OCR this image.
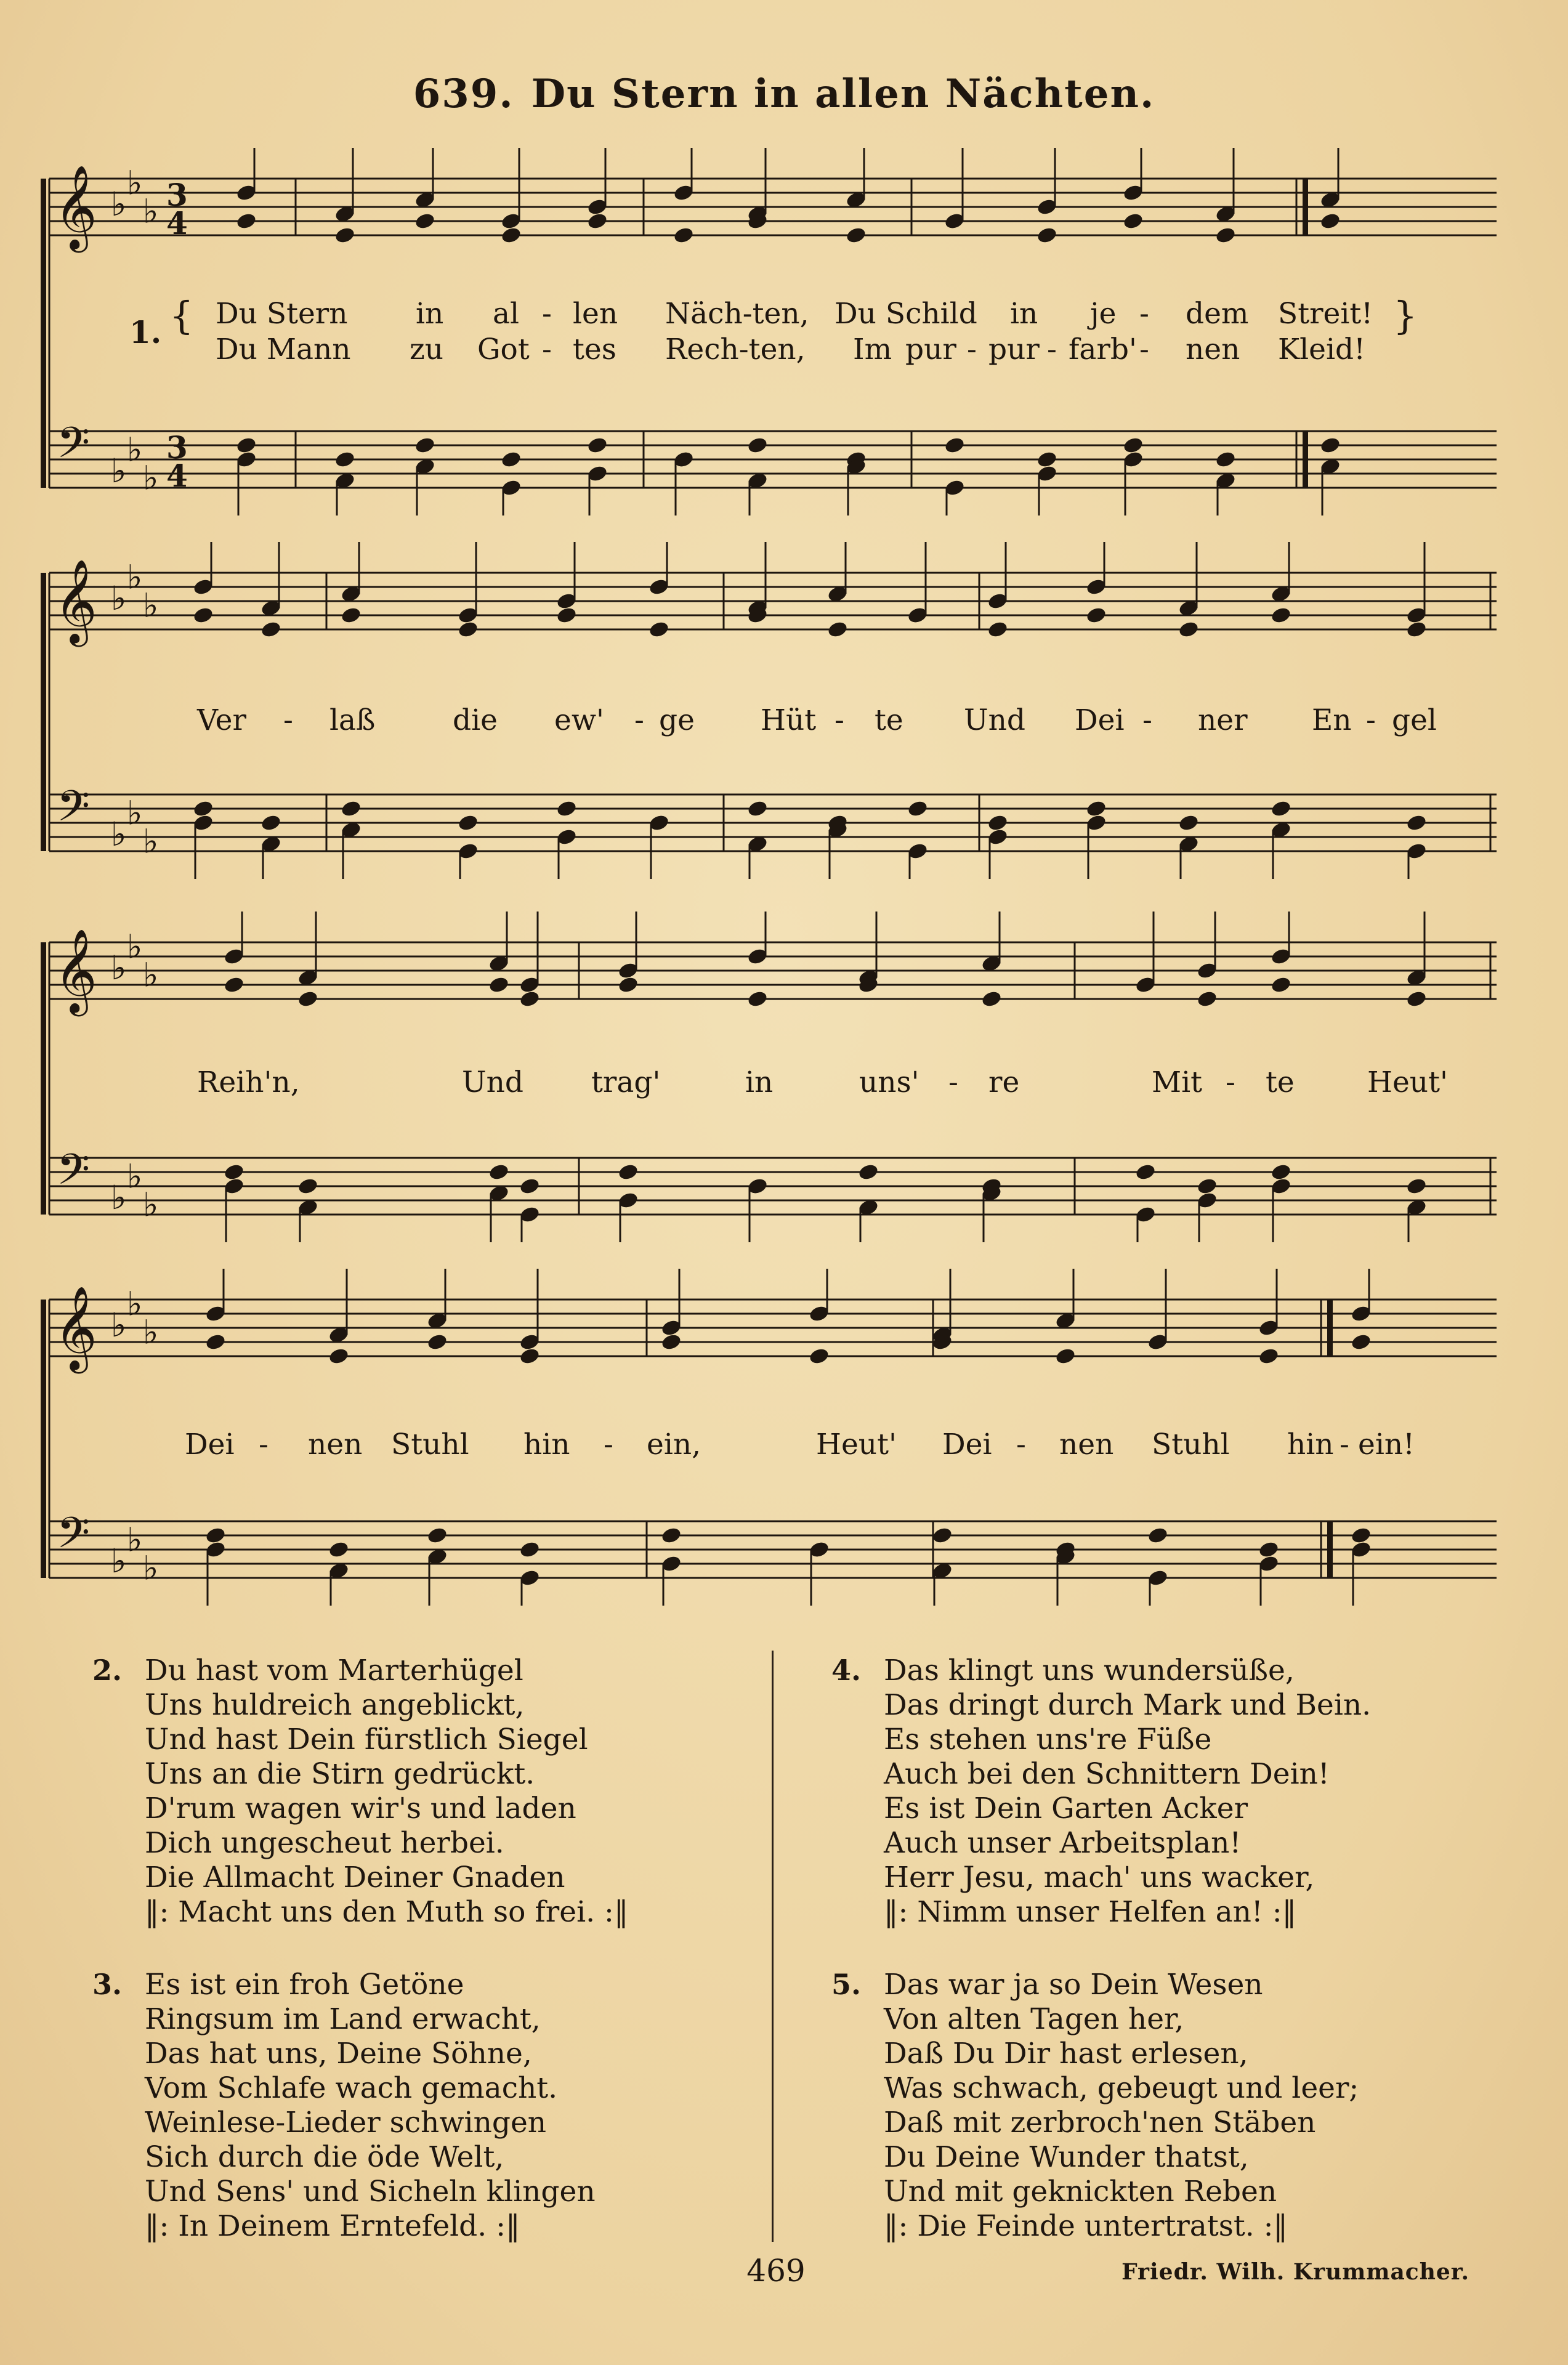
639. Du Stern in allen Nächten.
𝄞
𝄢
♭
♭
♭
♭
♭
♭
3
4
3
4
𝄞
𝄢
♭
♭
♭
♭
♭
♭
𝄞
𝄢
♭
♭
♭
♭
♭
♭
𝄞
𝄢
♭
♭
♭
♭
♭
♭
1. {	}
Du Stern in al - len Näch-ten, Du Schild in je - dem Streit!
Du Mann zu Got - tes Rech-ten, Im pur - pur - farb' - nen Kleid!
Ver - laß	die ew' - ge Hüt - te Und Dei - ner En - gel
Reih'n,	Und trag'	in	uns' - re	Mit - te	Heut'
Dei - nen Stuhl hin - ein,	Heut' Dei - nen Stuhl hin - ein!
2. Du hast vom Marterhügel
Uns huldreich angeblickt,
Und hast Dein fürstlich Siegel
Uns an die Stirn gedrückt.
D'rum wagen wir's und laden
Dich ungescheut herbei.
Die Allmacht Deiner Gnaden
‖: Macht uns den Muth so frei. :‖
3. Es ist ein froh Getöne
Ringsum im Land erwacht,
Das hat uns, Deine Söhne,
Vom Schlafe wach gemacht.
Weinlese-Lieder schwingen
Sich durch die öde Welt,
Und Sens' und Sicheln klingen
‖: In Deinem Erntefeld. :‖
4. Das klingt uns wundersüße,
Das dringt durch Mark und Bein.
Es stehen uns're Füße
Auch bei den Schnittern Dein!
Es ist Dein Garten Acker
Auch unser Arbeitsplan!
Herr Jesu, mach' uns wacker,
‖: Nimm unser Helfen an! :‖
5. Das war ja so Dein Wesen
Von alten Tagen her,
Daß Du Dir hast erlesen,
Was schwach, gebeugt und leer;
Daß mit zerbroch'nen Stäben
Du Deine Wunder thatst,
Und mit geknickten Reben
‖: Die Feinde untertratst. :‖
469	Friedr. Wilh. Krummacher.
